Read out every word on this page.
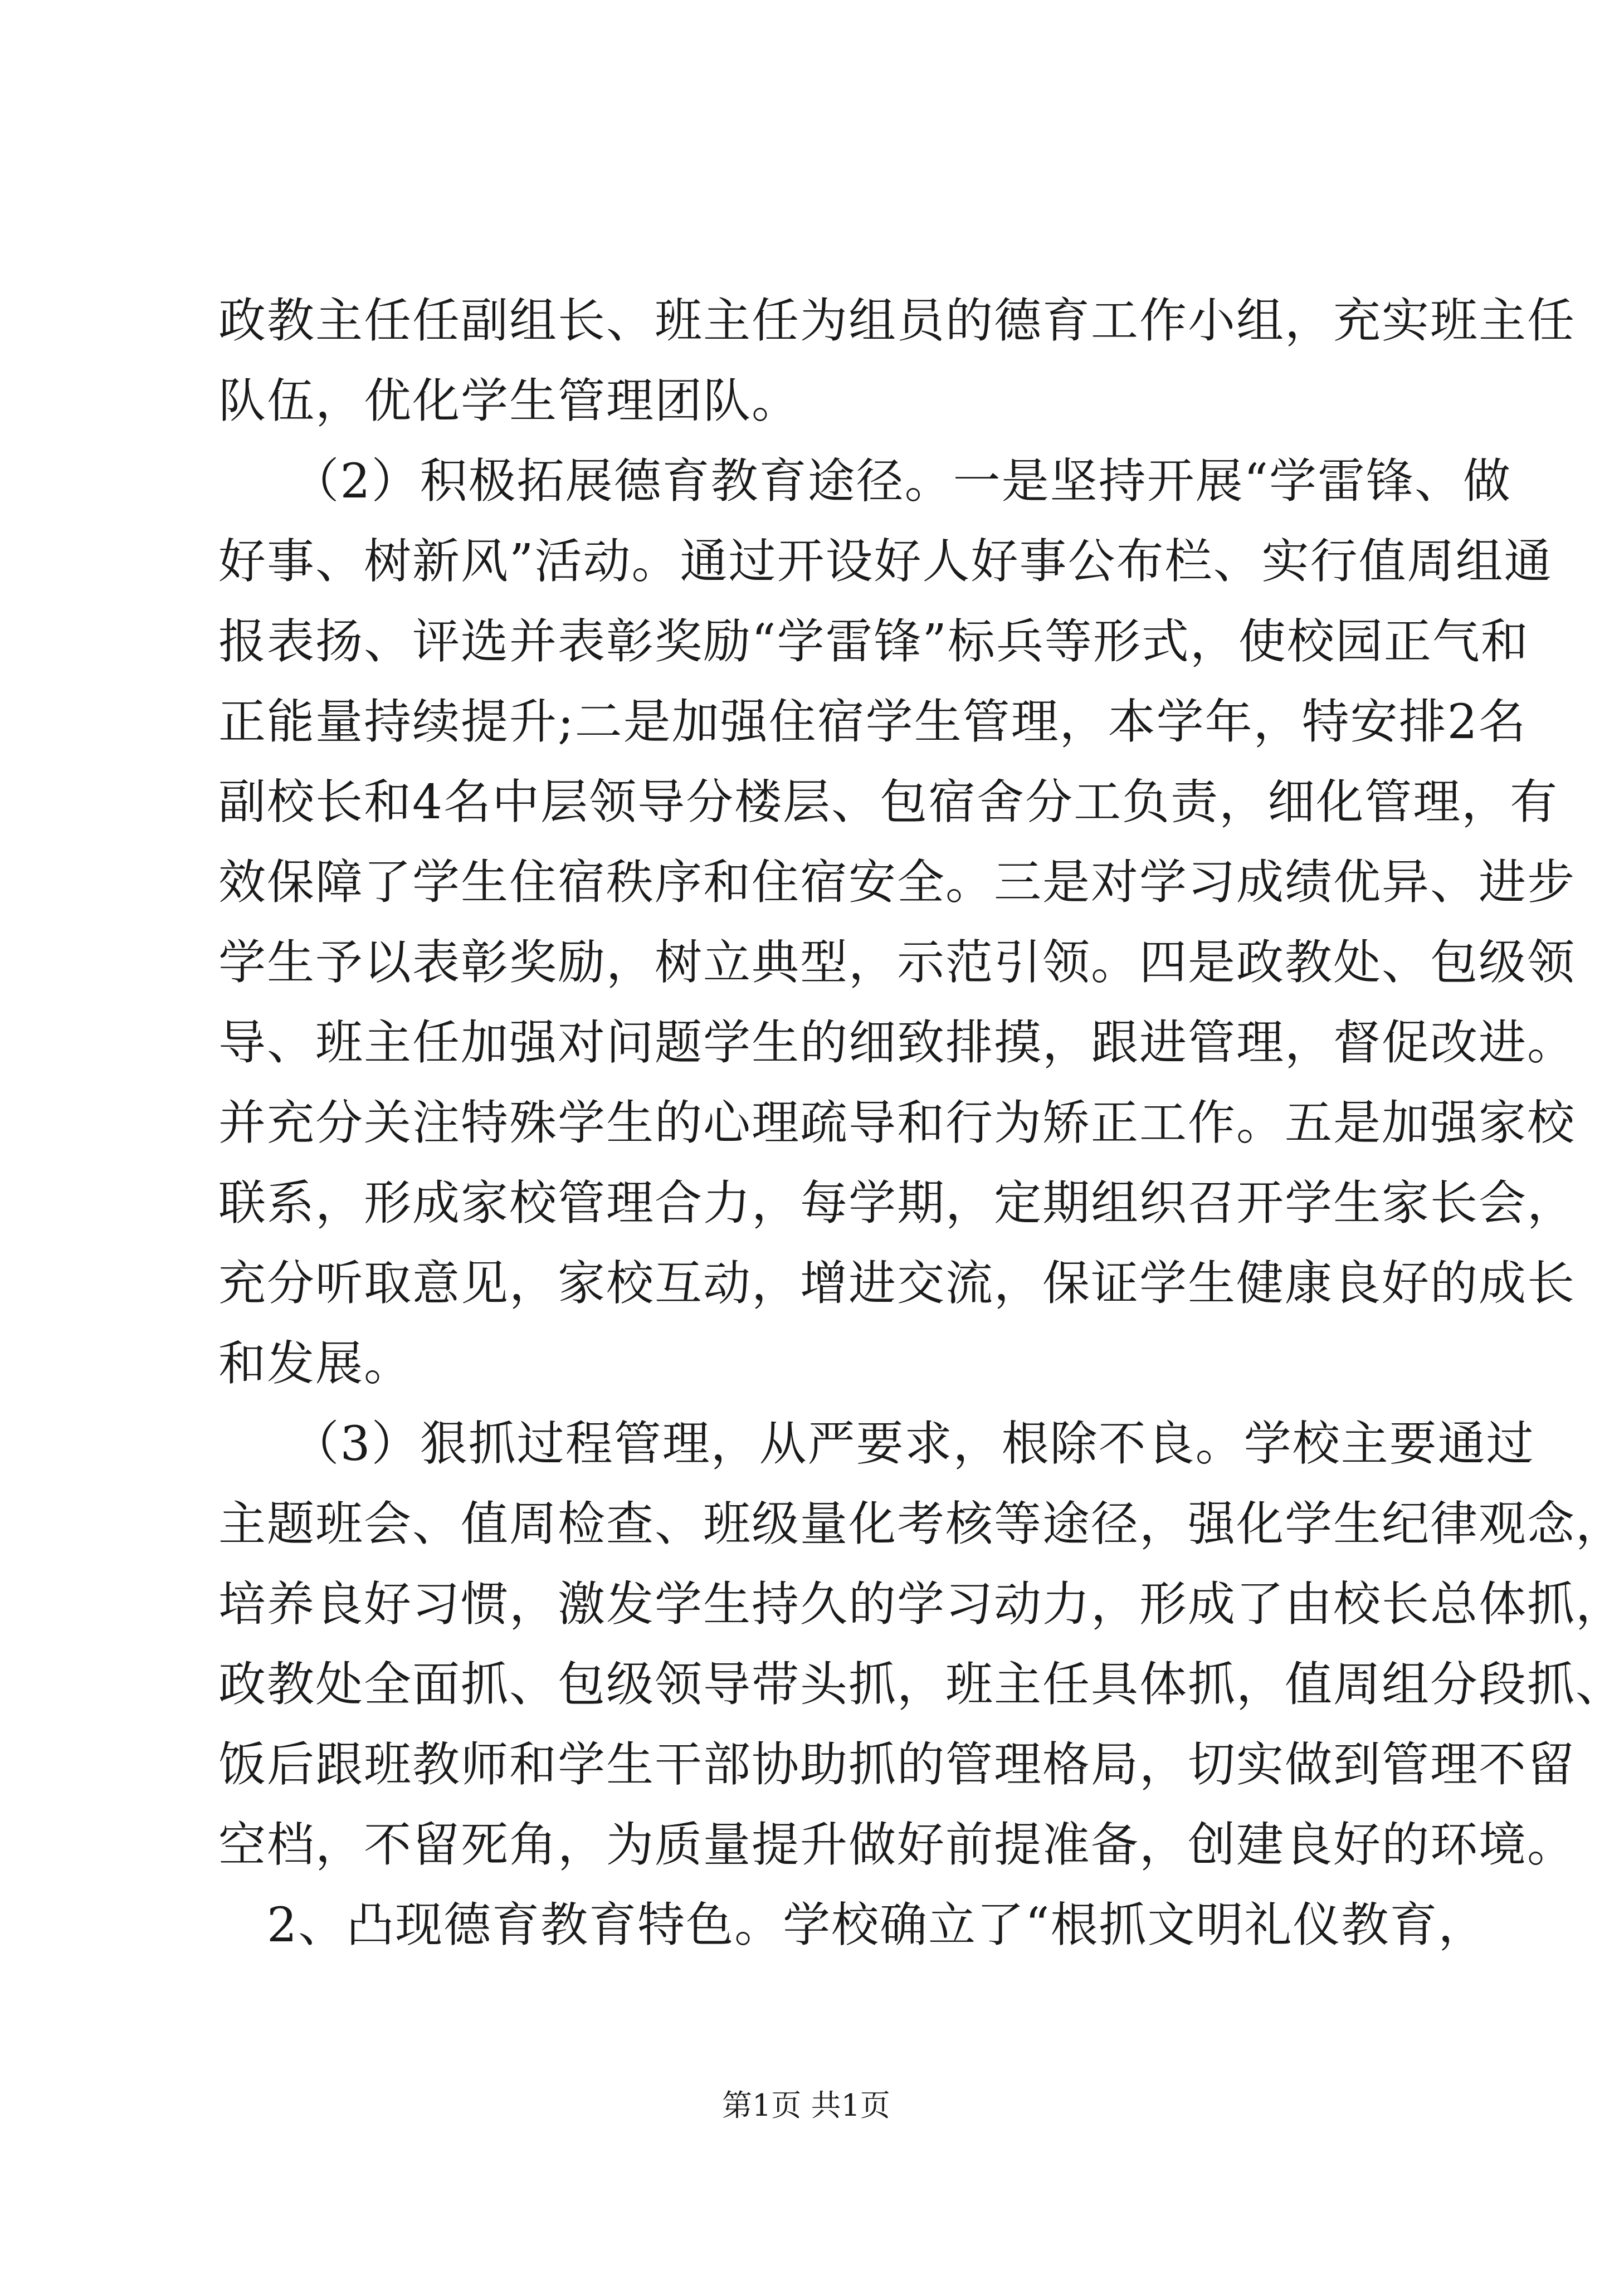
政教主任任副组长、班主任为组员的德育工作小组，充实班主任
队伍，优化学生管理团队。
　　（2）积极拓展德育教育途径。一是坚持开展“学雷锋、做
好事、树新风”活动。通过开设好人好事公布栏、实行值周组通
报表扬、评选并表彰奖励“学雷锋”标兵等形式，使校园正气和
正能量持续提升;二是加强住宿学生管理，本学年，特安排2名
副校长和4名中层领导分楼层、包宿舍分工负责，细化管理，有
效保障了学生住宿秩序和住宿安全。三是对学习成绩优异、进步
学生予以表彰奖励，树立典型，示范引领。四是政教处、包级领
导、班主任加强对问题学生的细致排摸，跟进管理，督促改进。
并充分关注特殊学生的心理疏导和行为矫正工作。五是加强家校
联系，形成家校管理合力，每学期，定期组织召开学生家长会，
充分听取意见，家校互动，增进交流，保证学生健康良好的成长
和发展。
　　（3）狠抓过程管理，从严要求，根除不良。学校主要通过
主题班会、值周检查、班级量化考核等途径，强化学生纪律观念，
培养良好习惯，激发学生持久的学习动力，形成了由校长总体抓，
政教处全面抓、包级领导带头抓，班主任具体抓，值周组分段抓、
饭后跟班教师和学生干部协助抓的管理格局，切实做到管理不留
空档，不留死角，为质量提升做好前提准备，创建良好的环境。
　2、凸现德育教育特色。学校确立了“根抓文明礼仪教育，
第1页 共1页
